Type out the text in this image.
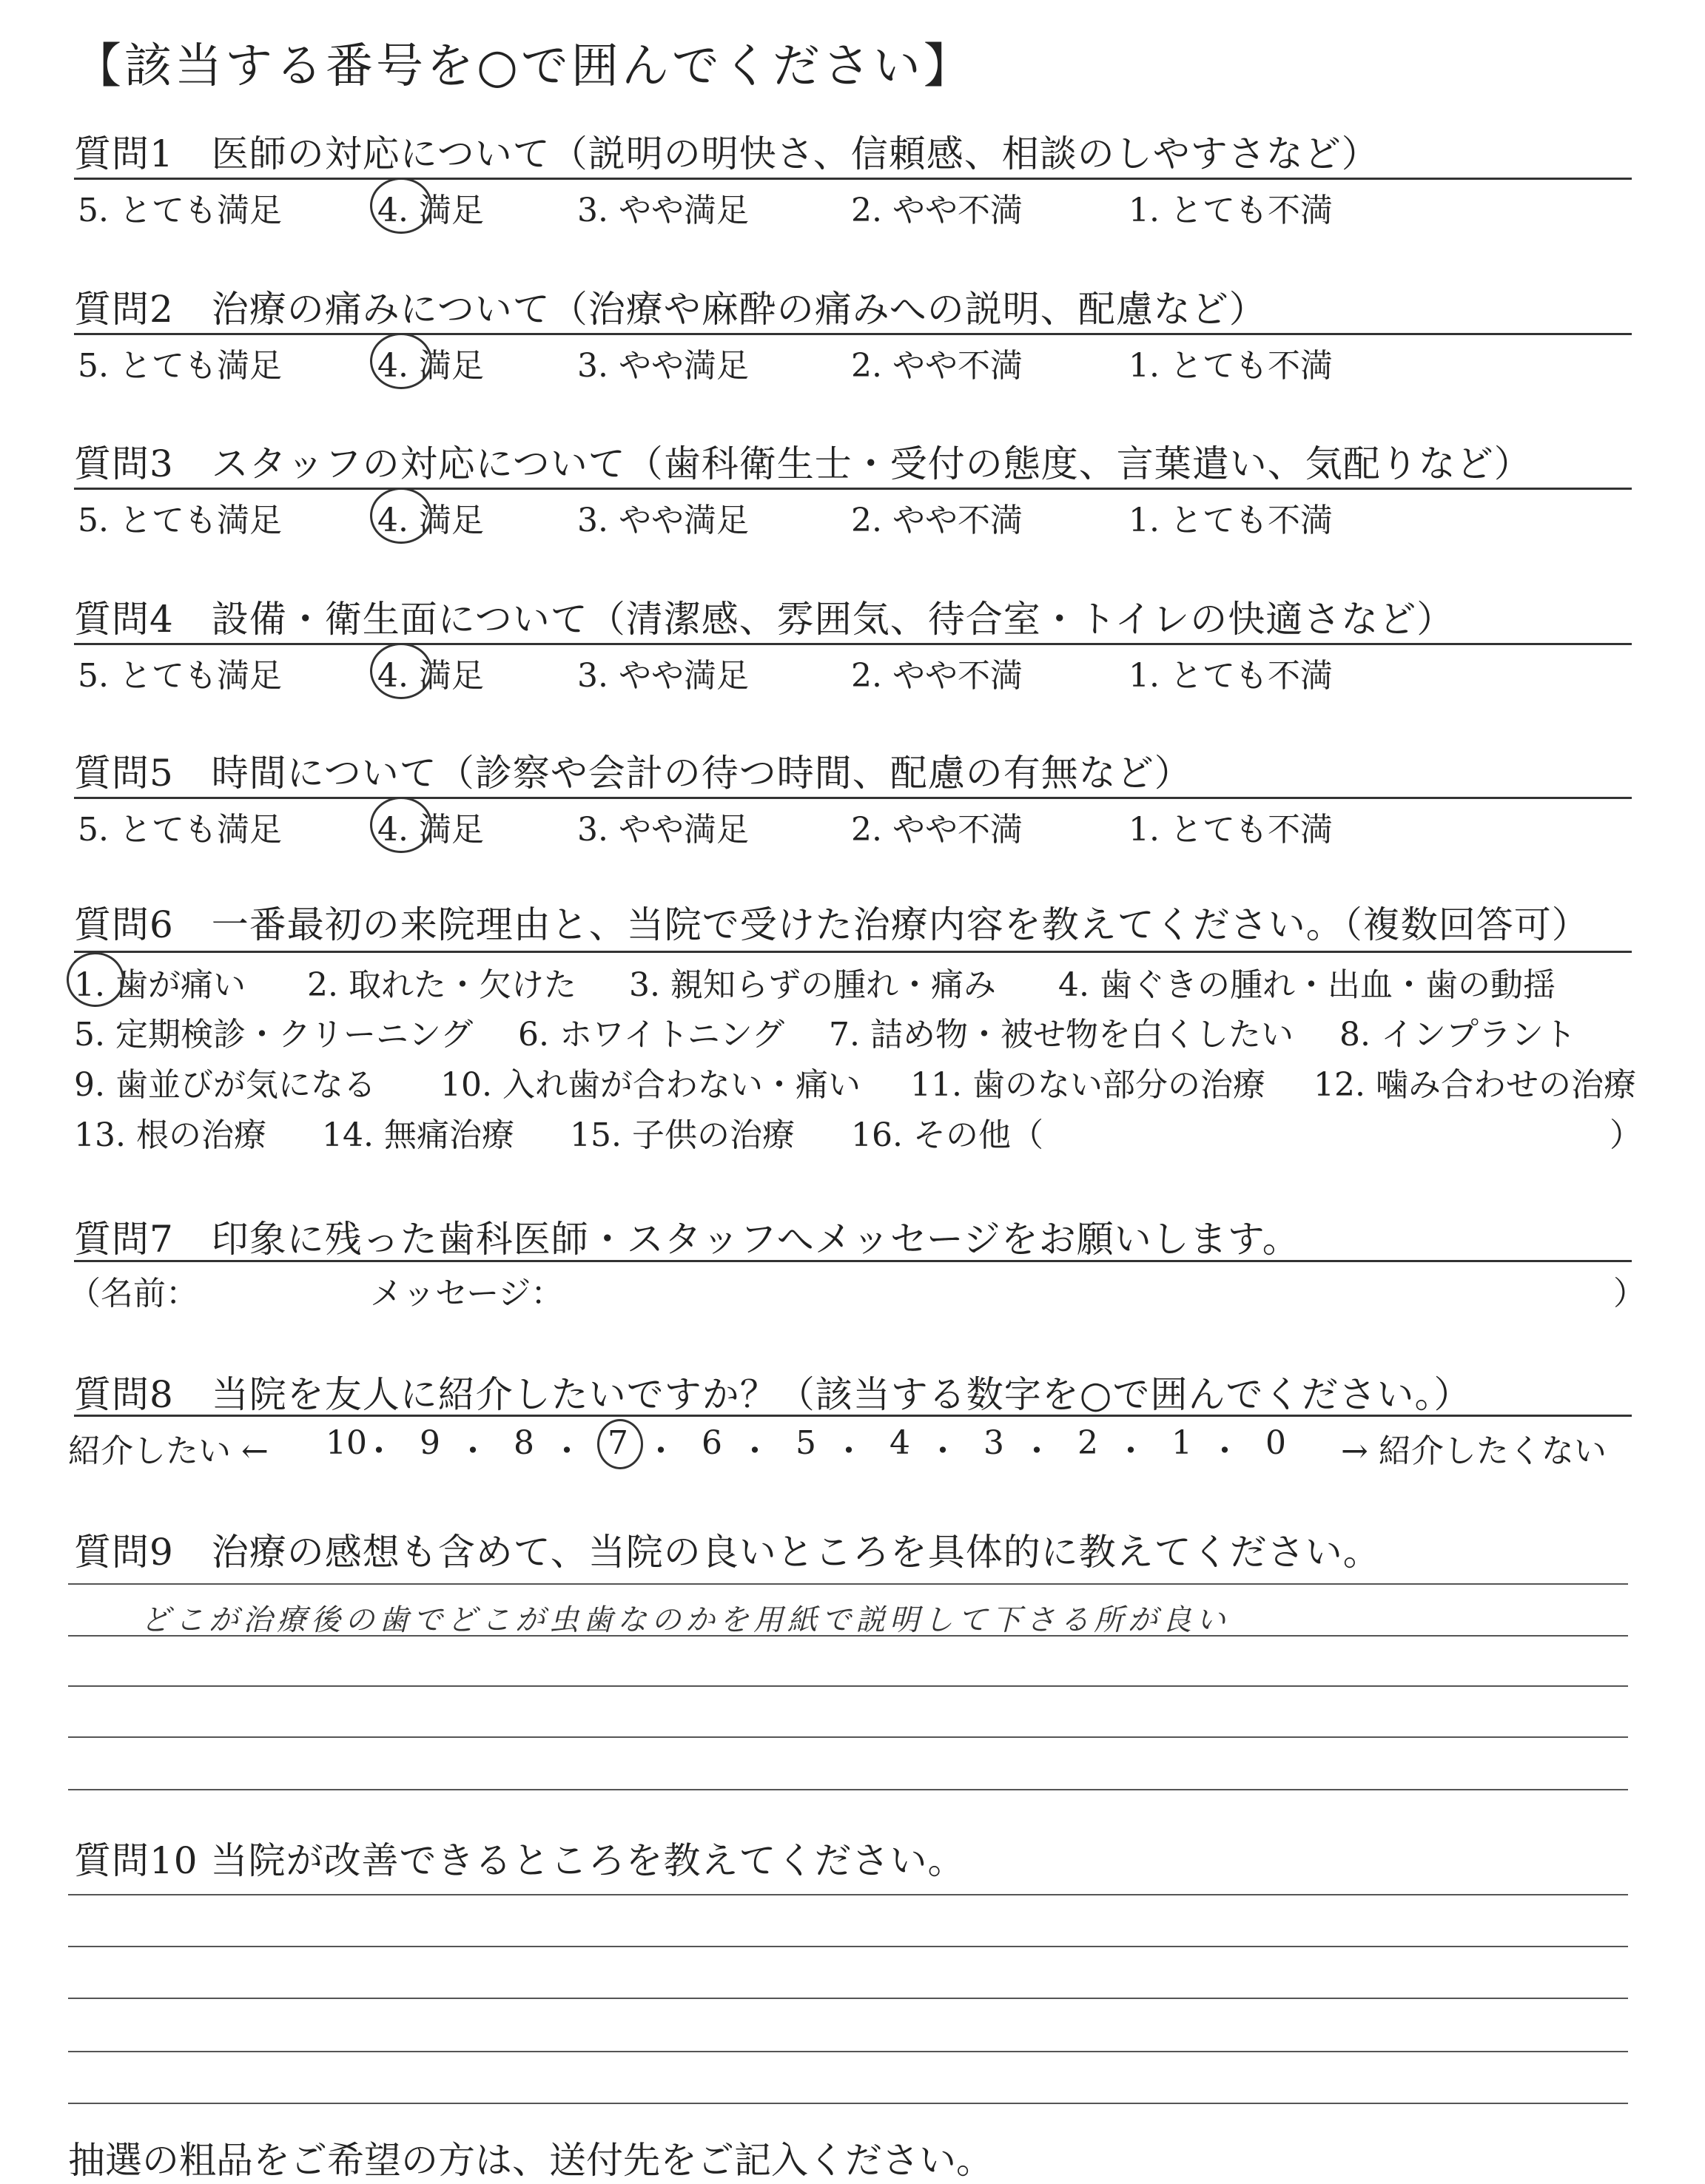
【該当する番号を○で囲んでください】
質問1　医師の対応について（説明の明快さ、信頼感、相談のしやすさなど）
5. とても満足	4. 満足	3. やや満足	2. やや不満	1. とても不満
質問2　治療の痛みについて（治療や麻酔の痛みへの説明、配慮など）
5. とても満足	4. 満足	3. やや満足	2. やや不満	1. とても不満
質問3　スタッフの対応について（歯科衛生士・受付の態度、言葉遣い、気配りなど）
5. とても満足	4. 満足	3. やや満足	2. やや不満	1. とても不満
質問4　設備・衛生面について（清潔感、雰囲気、待合室・トイレの快適さなど）
5. とても満足	4. 満足	3. やや満足	2. やや不満	1. とても不満
質問5　時間について（診察や会計の待つ時間、配慮の有無など）
5. とても満足	4. 満足	3. やや満足	2. やや不満	1. とても不満
質問6　一番最初の来院理由と、当院で受けた治療内容を教えてください。（複数回答可）
1. 歯が痛い 2. 取れた・欠けた 3. 親知らずの腫れ・痛み 4. 歯ぐきの腫れ・出血・歯の動揺
5. 定期検診・クリーニング 6. ホワイトニング 7. 詰め物・被せ物を白くしたい 8. インプラント
9. 歯並びが気になる 10. 入れ歯が合わない・痛い 11. 歯のない部分の治療 12. 噛み合わせの治療
13. 根の治療 14. 無痛治療 15. 子供の治療 16. その他（	）
質問7　印象に残った歯科医師・スタッフへメッセージをお願いします。
（名前：	メッセージ：	）
質問8　当院を友人に紹介したいですか？（該当する数字を○で囲んでください。）
紹介したい ← 10
・ 9 ・ 8 ・ 7 ・ 6 ・ 5 ・ 4 ・ 3 ・ 2 ・ 1 ・ 0 → 紹介したくない
質問9　治療の感想も含めて、当院の良いところを具体的に教えてください。
どこが治療後の歯でどこが虫歯なのかを用紙で説明して下さる所が良い
質問10 当院が改善できるところを教えてください。
抽選の粗品をご希望の方は、送付先をご記入ください。
